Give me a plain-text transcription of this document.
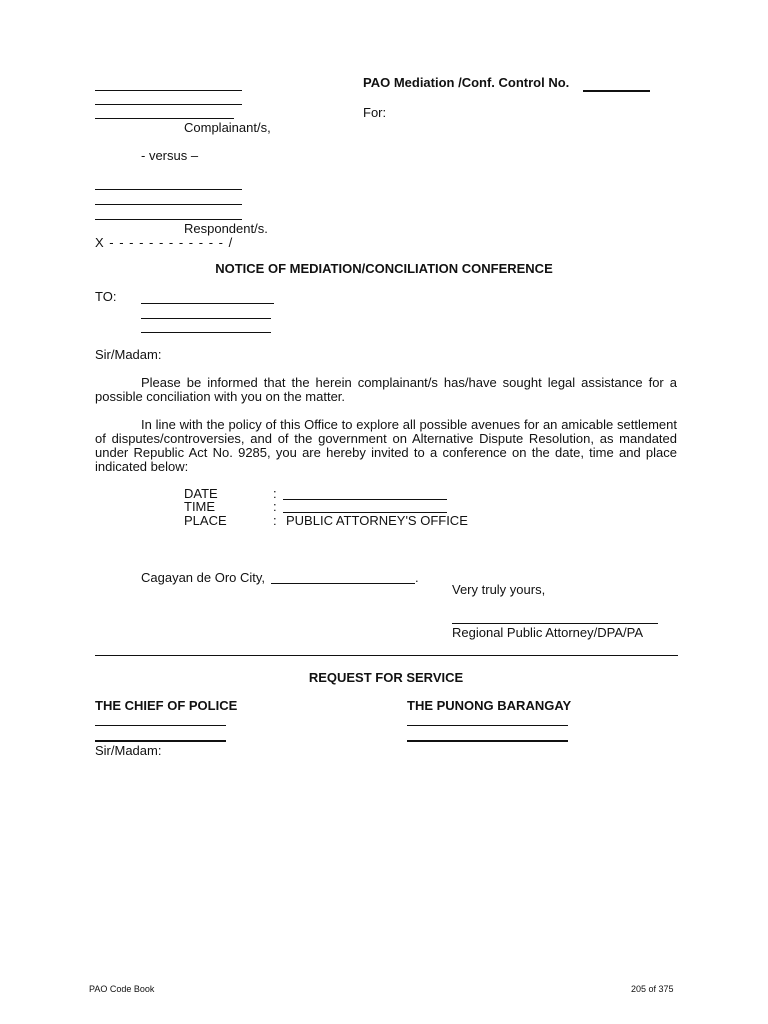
PAO Mediation /Conf. Control No.
For:
Complainant/s,
- versus –
Respondent/s.
X - - - - - - - - - - - - /
NOTICE OF MEDIATION/CONCILIATION CONFERENCE
TO:
Sir/Madam:
Please be informed that the herein complainant/s has/have sought legal assistance for a possible conciliation with you on the matter.
In line with the policy of this Office to explore all possible avenues for an amicable settlement of disputes/controversies, and of the government on Alternative Dispute Resolution, as mandated under Republic Act No. 9285, you are hereby invited to a conference on the date, time and place indicated below:
DATE	:
TIME	:
PLACE	: PUBLIC ATTORNEY'S OFFICE
Cagayan de Oro City,	.
Very truly yours,
Regional Public Attorney/DPA/PA
REQUEST FOR SERVICE
THE CHIEF OF POLICE	THE PUNONG BARANGAY
Sir/Madam:
PAO Code Book	205 of 375
